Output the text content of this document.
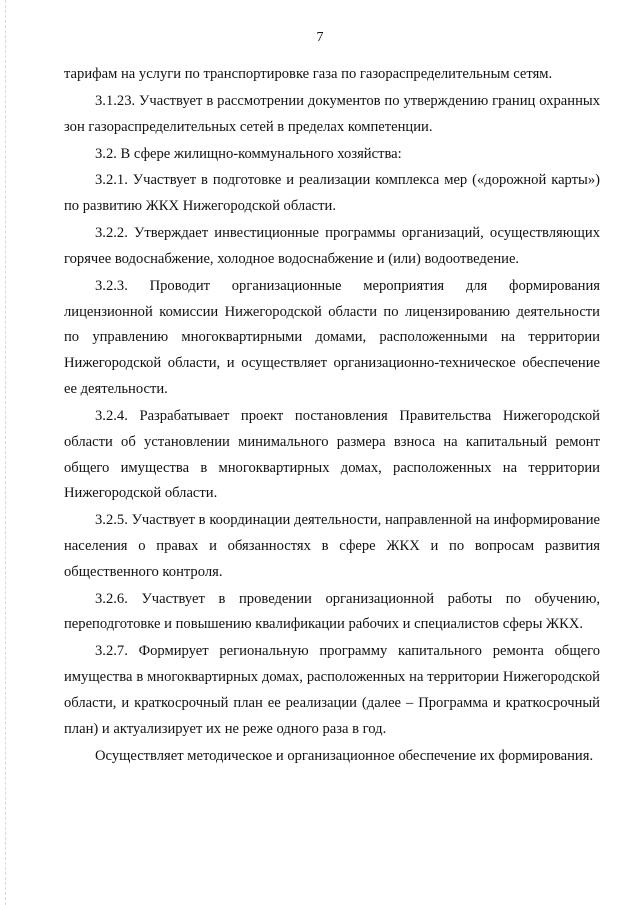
7

тарифам на услуги по транспортировке газа по газораспределительным сетям.

3.1.23. Участвует в рассмотрении документов по утверждению границ охранных зон газораспределительных сетей в пределах компетенции.

3.2. В сфере жилищно-коммунального хозяйства:

3.2.1. Участвует в подготовке и реализации комплекса мер («дорожной карты») по развитию ЖКХ Нижегородской области.

3.2.2. Утверждает инвестиционные программы организаций, осуществляющих горячее водоснабжение, холодное водоснабжение и (или) водоотведение.

3.2.3. Проводит организационные мероприятия для формирования лицензионной комиссии Нижегородской области по лицензированию деятельности по управлению многоквартирными домами, расположенными на территории Нижегородской области, и осуществляет организационно-техническое обеспечение ее деятельности.

3.2.4. Разрабатывает проект постановления Правительства Нижегородской области об установлении минимального размера взноса на капитальный ремонт общего имущества в многоквартирных домах, расположенных на территории Нижегородской области.

3.2.5. Участвует в координации деятельности, направленной на информирование населения о правах и обязанностях в сфере ЖКХ и по вопросам развития общественного контроля.

3.2.6. Участвует в проведении организационной работы по обучению, переподготовке и повышению квалификации рабочих и специалистов сферы ЖКХ.

3.2.7. Формирует региональную программу капитального ремонта общего имущества в многоквартирных домах, расположенных на территории Нижегородской области, и краткосрочный план ее реализации (далее – Программа и краткосрочный план) и актуализирует их не реже одного раза в год.

Осуществляет методическое и организационное обеспечение их формирования.
